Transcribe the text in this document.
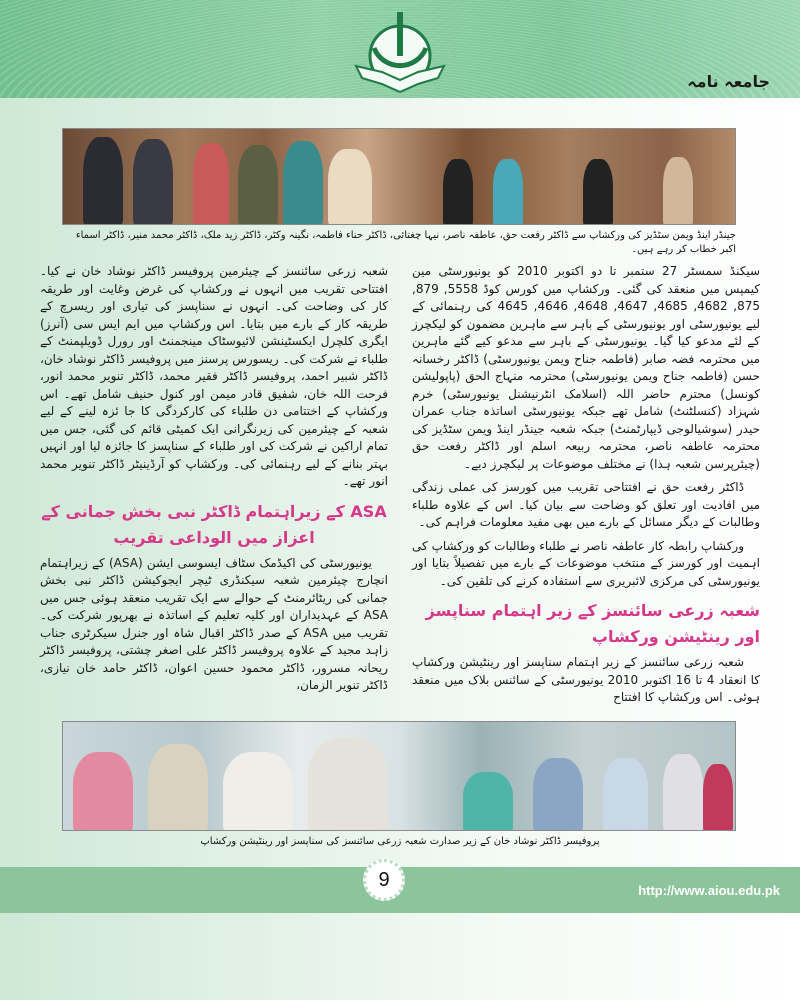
جامعہ نامہ
جینڈر اینڈ ویمن سٹڈیز کی ورکشاپ سے ڈاکٹر رفعت حق، عاطفہ ناصر، نیہا چغتائی، ڈاکٹر حناء فاطمہ، نگینہ وکٹر، ڈاکٹر زید ملک، ڈاکٹر محمد منیر، ڈاکٹر اسماء اکبر خطاب کر رہے ہیں۔

سیکنڈ سمسٹر 27 ستمبر تا دو اکتوبر 2010 کو یونیورسٹی مین کیمپس میں منعقد کی گئی۔ ورکشاپ میں کورس کوڈ 5558, 879, 875, 4682, 4685, 4647, 4648, 4646, 4645 کی رہنمائی کے لیے یونیورسٹی اور یونیورسٹی کے باہر سے ماہرین مضمون کو لیکچرز کے لئے مدعو کیا گیا۔ یونیورسٹی کے باہر سے مدعو کیے گئے ماہرین میں محترمہ فضہ صابر (فاطمہ جناح ویمن یونیورسٹی) ڈاکٹر رخسانہ حسن (فاطمہ جناح ویمن یونیورسٹی) محترمہ منہاج الحق (پاپولیشن کونسل) محترم حاضر اللہ (اسلامک انٹرنیشنل یونیورسٹی) خرم شہزاد (کنسلٹنٹ) شامل تھے جبکہ یونیورسٹی اساتذہ جناب عمران حیدر (سوشیالوجی ڈیپارٹمنٹ) جبکہ شعبہ جینڈر اینڈ ویمن سٹڈیز کی محترمہ عاطفہ ناصر، محترمہ ربیعہ اسلم اور ڈاکٹر رفعت حق (چیئرپرسن شعبہ ہذا) نے مختلف موضوعات پر لیکچرز دیے۔

ڈاکٹر رفعت حق نے افتتاحی تقریب میں کورسز کی عملی زندگی میں افادیت اور تعلق کو وضاحت سے بیان کیا۔ اس کے علاوہ طلباء وطالبات کے دیگر مسائل کے بارے میں بھی مفید معلومات فراہم کی۔

ورکشاپ رابطہ کار عاطفہ ناصر نے طلباء وطالبات کو ورکشاپ کی اہمیت اور کورسز کے منتخب موضوعات کے بارے میں تفصیلاً بتایا اور یونیورسٹی کی مرکزی لائبریری سے استفادہ کرنے کی تلقین کی۔

شعبہ زرعی سائنسز کے زیر اہتمام سناپسز اور رینٹیشن ورکشاپ

شعبہ زرعی سائنسز کے زیر اہتمام سناپسز اور رینٹیشن ورکشاپ کا انعقاد 4 تا 16 اکتوبر 2010 یونیورسٹی کے سائنس بلاک میں منعقد ہوئی۔ اس ورکشاپ کا افتتاح

شعبہ زرعی سائنسز کے چیئرمین پروفیسر ڈاکٹر نوشاد خان نے کیا۔ افتتاحی تقریب میں انہوں نے ورکشاپ کی غرض وغایت اور طریقہ کار کی وضاحت کی۔ انہوں نے سناپسز کی تیاری اور ریسرچ کے طریقہ کار کے بارے میں بتایا۔ اس ورکشاپ میں ایم ایس سی (آنرز) ایگری کلچرل ایکسٹینشن لائیوسٹاک مینجمنٹ اور رورل ڈویلپمنٹ کے طلباء نے شرکت کی۔ ریسورس پرسنز میں پروفیسر ڈاکٹر نوشاد خان، ڈاکٹر شبیر احمد، پروفیسر ڈاکٹر فقیر محمد، ڈاکٹر تنویر محمد انور، فرحت اللہ خان، شفیق قادر میمن اور کنول حنیف شامل تھے۔ اس ورکشاپ کے اختتامی دن طلباء کی کارکردگی کا جا ئزہ لینے کے لیے شعبہ کے چیئرمین کی زیرنگرانی ایک کمیٹی قائم کی گئی، جس میں تمام اراکین نے شرکت کی اور طلباء کے سناپسز کا جائزہ لیا اور انہیں بہتر بنانے کے لیے رہنمائی کی۔ ورکشاپ کو آرڈینیٹر ڈاکٹر تنویر محمد انور تھے۔

ASA کے زیراہتمام ڈاکٹر نبی بخش جمانی کے
اعزاز میں الوداعی تقریب

یونیورسٹی کی اکیڈمک سٹاف ایسوسی ایشن (ASA) کے زیراہتمام انچارج چیئرمین شعبہ سیکنڈری ٹیچر ایجوکیشن ڈاکٹر نبی بخش جمانی کی ریٹائرمنٹ کے حوالے سے ایک تقریب منعقد ہوئی جس میں ASA کے عہدیداران اور کلیہ تعلیم کے اساتذہ نے بھرپور شرکت کی۔ تقریب میں ASA کے صدر ڈاکٹر اقبال شاہ اور جنرل سیکرٹری جناب زاہد مجید کے علاوہ پروفیسر ڈاکٹر علی اصغر چشتی، پروفیسر ڈاکٹر ریحانہ مسرور، ڈاکٹر محمود حسین اعوان، ڈاکٹر حامد خان نیازی، ڈاکٹر تنویر الزمان،

پروفیسر ڈاکٹر نوشاد خان کے زیر صدارت شعبہ زرعی سائنسز کی سناپسز اور رینٹیشن ورکشاپ
9	http://www.aiou.edu.pk
